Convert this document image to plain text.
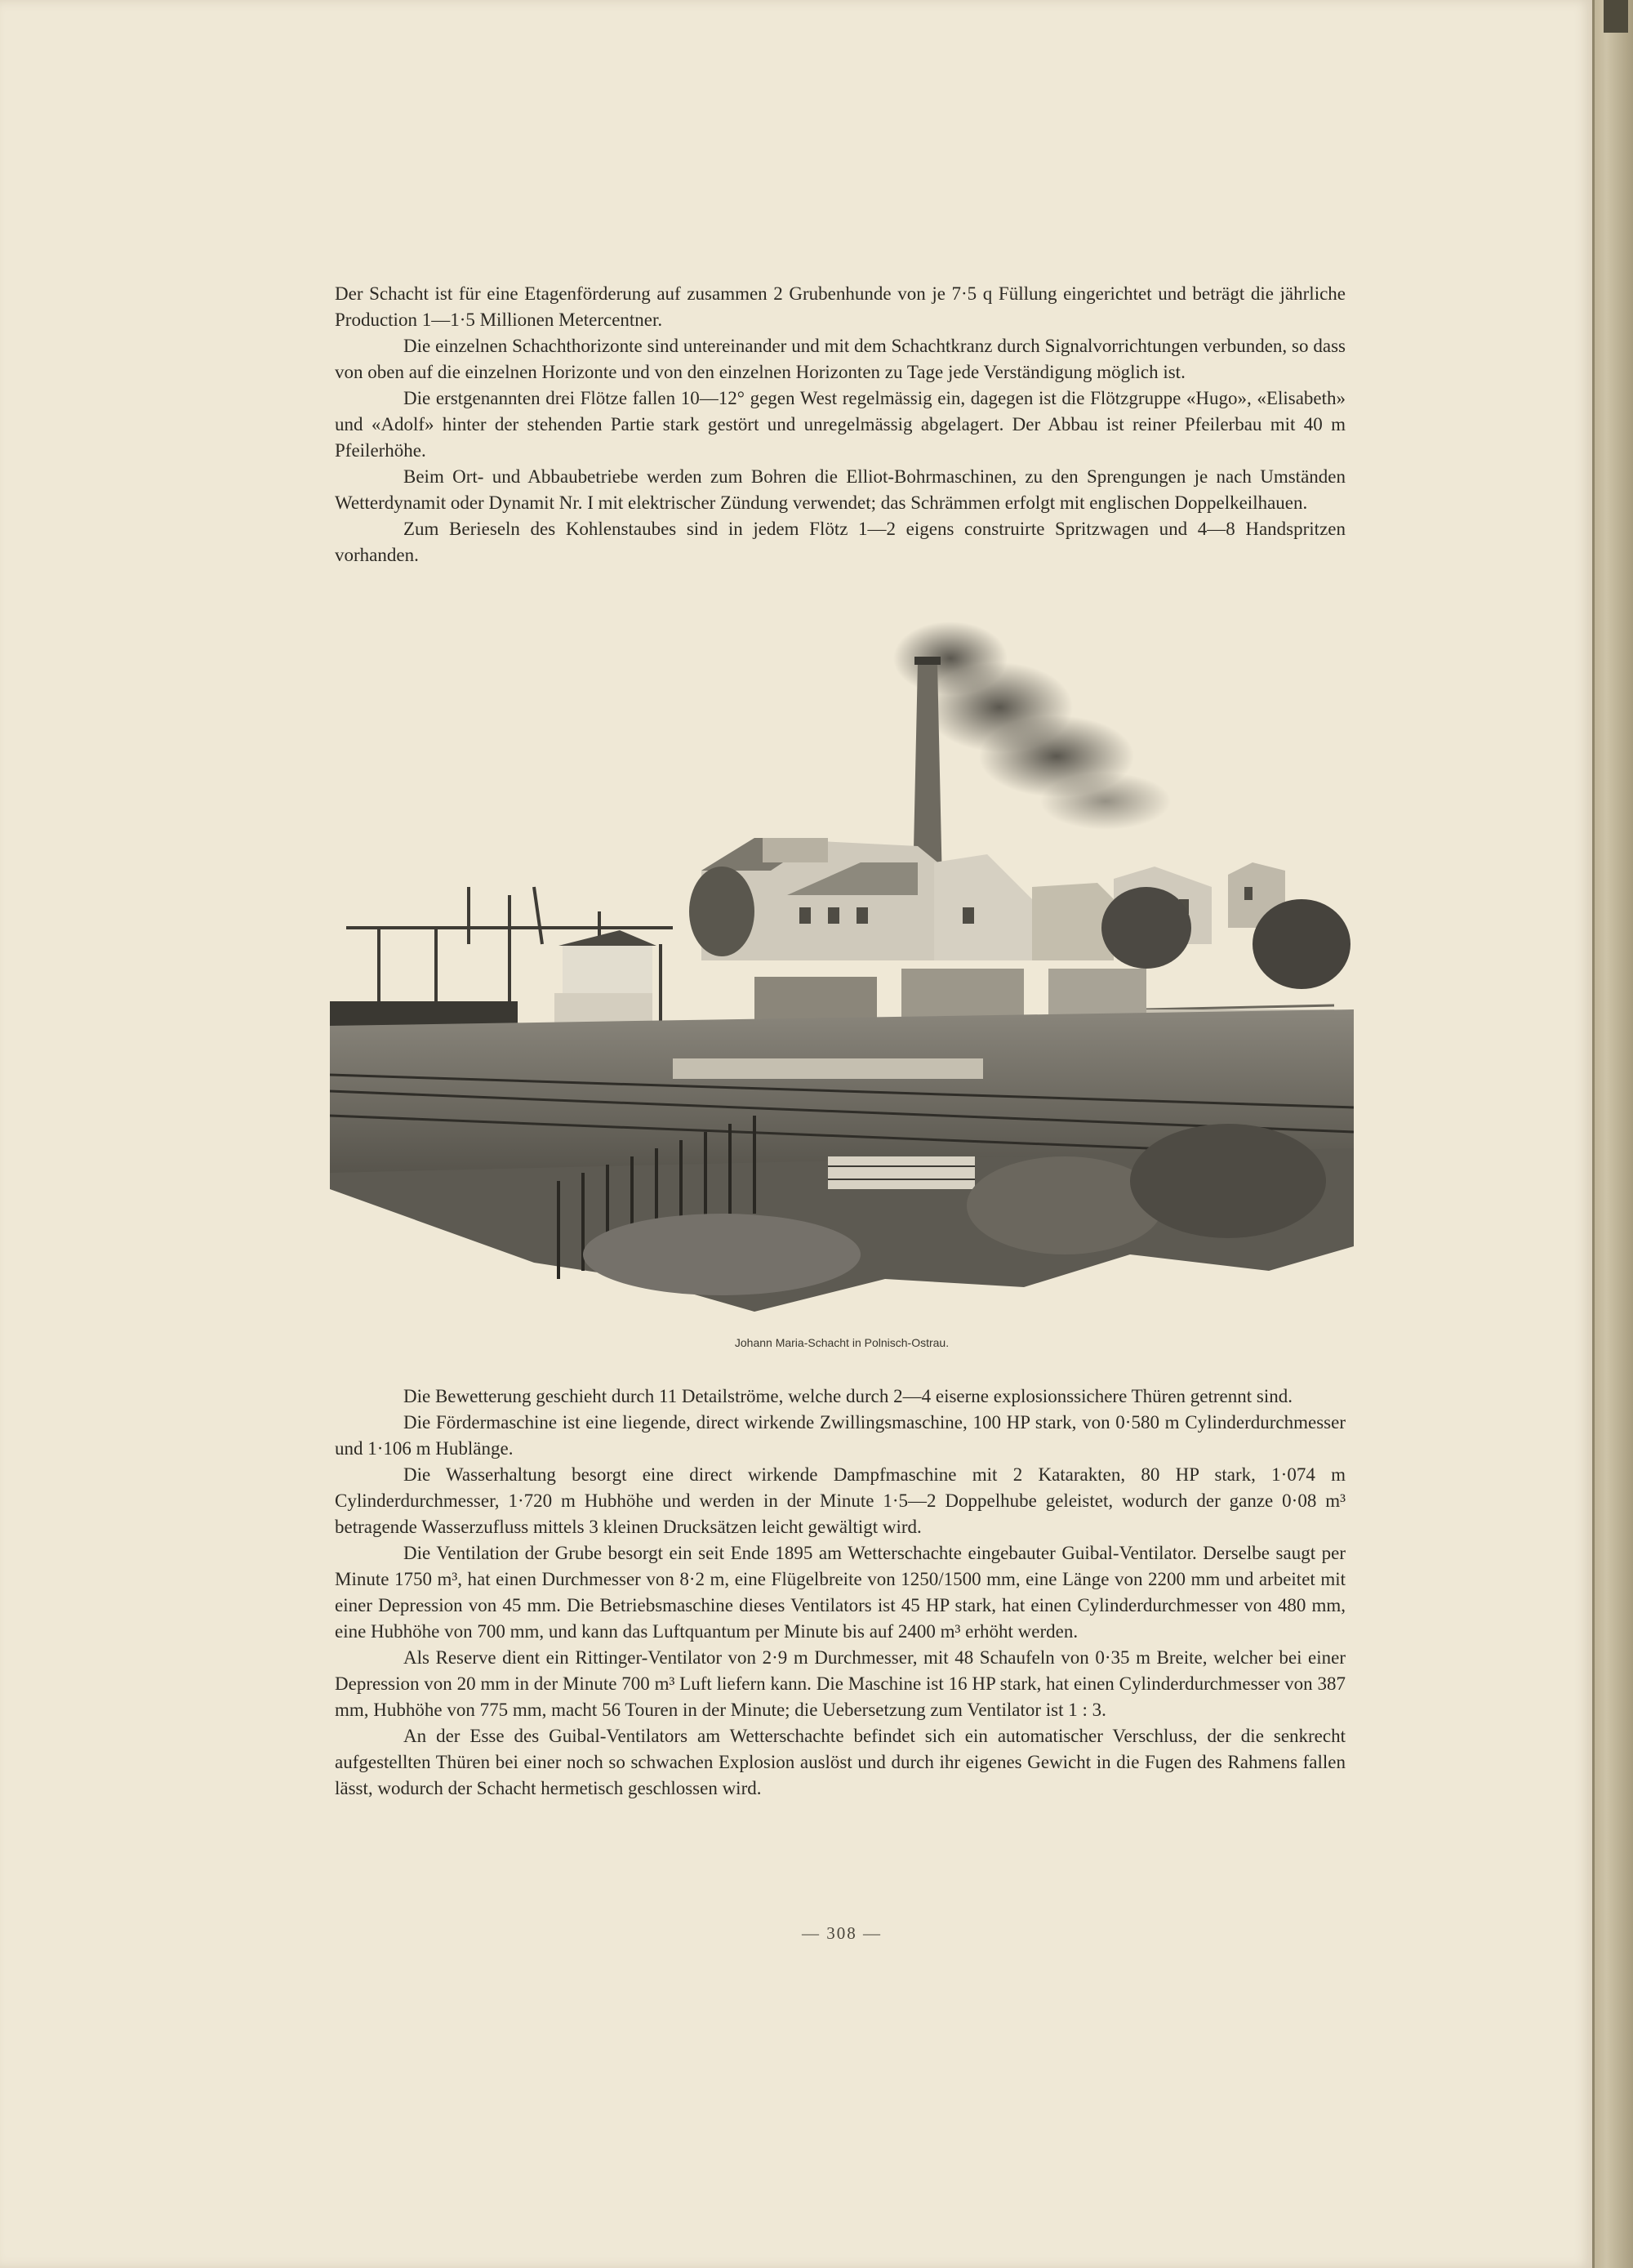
Der Schacht ist für eine Etagenförderung auf zusammen 2 Grubenhunde von je 7·5 q Füllung eingerichtet und beträgt die jährliche Production 1—1·5 Millionen Metercentner.

Die einzelnen Schachthorizonte sind untereinander und mit dem Schachtkranz durch Signalvorrichtungen verbunden, so dass von oben auf die einzelnen Horizonte und von den einzelnen Horizonten zu Tage jede Verständigung möglich ist.

Die erstgenannten drei Flötze fallen 10—12° gegen West regelmässig ein, dagegen ist die Flötzgruppe «Hugo», «Elisabeth» und «Adolf» hinter der stehenden Partie stark gestört und unregelmässig abgelagert. Der Abbau ist reiner Pfeilerbau mit 40 m Pfeilerhöhe.

Beim Ort- und Abbaubetriebe werden zum Bohren die Elliot-Bohrmaschinen, zu den Sprengungen je nach Umständen Wetterdynamit oder Dynamit Nr. I mit elektrischer Zündung verwendet; das Schrämmen erfolgt mit englischen Doppelkeilhauen.

Zum Berieseln des Kohlenstaubes sind in jedem Flötz 1—2 eigens construirte Spritzwagen und 4—8 Handspritzen vorhanden.

Johann Maria-Schacht in Polnisch-Ostrau.

Die Bewetterung geschieht durch 11 Detailströme, welche durch 2—4 eiserne explosionssichere Thüren getrennt sind.

Die Fördermaschine ist eine liegende, direct wirkende Zwillingsmaschine, 100 HP stark, von 0·580 m Cylinderdurchmesser und 1·106 m Hublänge.

Die Wasserhaltung besorgt eine direct wirkende Dampfmaschine mit 2 Katarakten, 80 HP stark, 1·074 m Cylinderdurchmesser, 1·720 m Hubhöhe und werden in der Minute 1·5—2 Doppelhube geleistet, wodurch der ganze 0·08 m³ betragende Wasserzufluss mittels 3 kleinen Drucksätzen leicht gewältigt wird.

Die Ventilation der Grube besorgt ein seit Ende 1895 am Wetterschachte eingebauter Guibal-Ventilator. Derselbe saugt per Minute 1750 m³, hat einen Durchmesser von 8·2 m, eine Flügelbreite von 1250/1500 mm, eine Länge von 2200 mm und arbeitet mit einer Depression von 45 mm. Die Betriebsmaschine dieses Ventilators ist 45 HP stark, hat einen Cylinderdurchmesser von 480 mm, eine Hubhöhe von 700 mm, und kann das Luftquantum per Minute bis auf 2400 m³ erhöht werden.

Als Reserve dient ein Rittinger-Ventilator von 2·9 m Durchmesser, mit 48 Schaufeln von 0·35 m Breite, welcher bei einer Depression von 20 mm in der Minute 700 m³ Luft liefern kann. Die Maschine ist 16 HP stark, hat einen Cylinderdurchmesser von 387 mm, Hubhöhe von 775 mm, macht 56 Touren in der Minute; die Uebersetzung zum Ventilator ist 1 : 3.

An der Esse des Guibal-Ventilators am Wetterschachte befindet sich ein automatischer Verschluss, der die senkrecht aufgestellten Thüren bei einer noch so schwachen Explosion auslöst und durch ihr eigenes Gewicht in die Fugen des Rahmens fallen lässt, wodurch der Schacht hermetisch geschlossen wird.

— 308 —
